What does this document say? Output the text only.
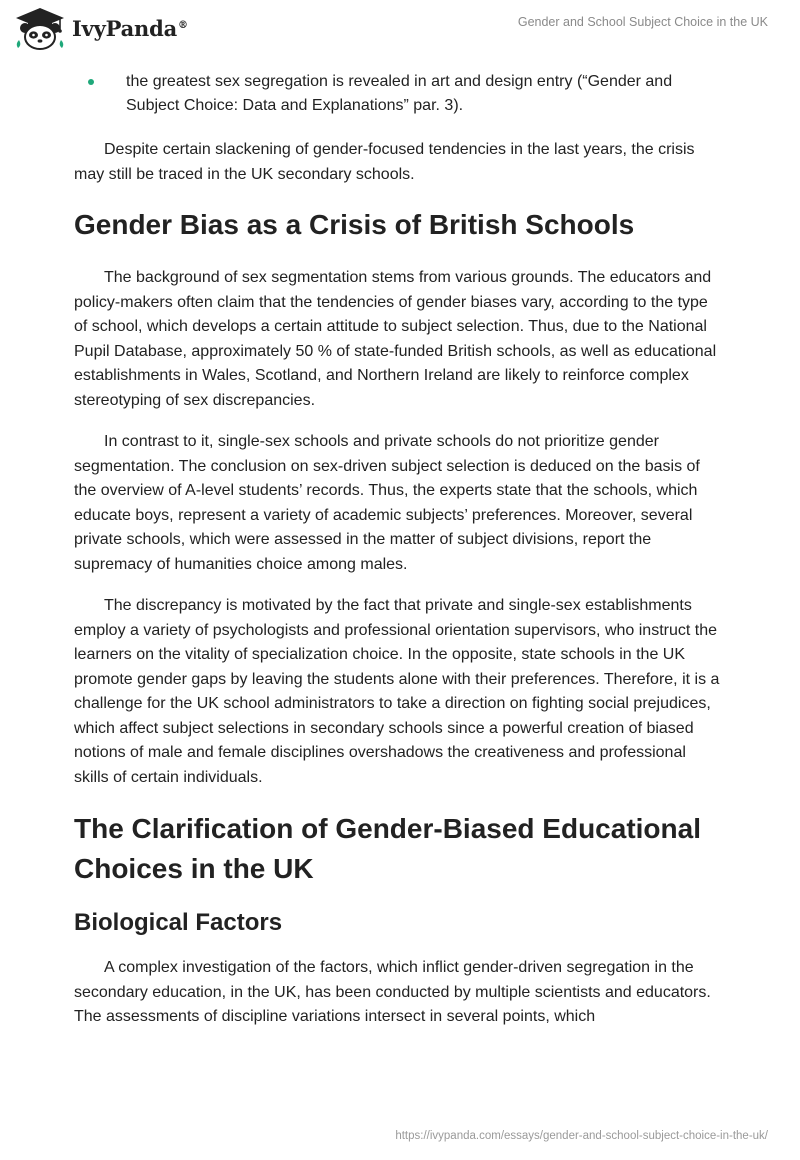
IvyPanda®	Gender and School Subject Choice in the UK
the greatest sex segregation is revealed in art and design entry (“Gender and Subject Choice: Data and Explanations” par. 3).

Despite certain slackening of gender-focused tendencies in the last years, the crisis may still be traced in the UK secondary schools.

Gender Bias as a Crisis of British Schools

The background of sex segmentation stems from various grounds. The educators and policy-makers often claim that the tendencies of gender biases vary, according to the type of school, which develops a certain attitude to subject selection. Thus, due to the National Pupil Database, approximately 50 % of state-funded British schools, as well as educational establishments in Wales, Scotland, and Northern Ireland are likely to reinforce complex stereotyping of sex discrepancies.

In contrast to it, single-sex schools and private schools do not prioritize gender segmentation. The conclusion on sex-driven subject selection is deduced on the basis of the overview of A-level students’ records. Thus, the experts state that the schools, which educate boys, represent a variety of academic subjects’ preferences. Moreover, several private schools, which were assessed in the matter of subject divisions, report the supremacy of humanities choice among males.

The discrepancy is motivated by the fact that private and single-sex establishments employ a variety of psychologists and professional orientation supervisors, who instruct the learners on the vitality of specialization choice. In the opposite, state schools in the UK promote gender gaps by leaving the students alone with their preferences. Therefore, it is a challenge for the UK school administrators to take a direction on fighting social prejudices, which affect subject selections in secondary schools since a powerful creation of biased notions of male and female disciplines overshadows the creativeness and professional skills of certain individuals.

The Clarification of Gender-Biased Educational Choices in the UK
Biological Factors

A complex investigation of the factors, which inflict gender-driven segregation in the secondary education, in the UK, has been conducted by multiple scientists and educators. The assessments of discipline variations intersect in several points, which

https://ivypanda.com/essays/gender-and-school-subject-choice-in-the-uk/
